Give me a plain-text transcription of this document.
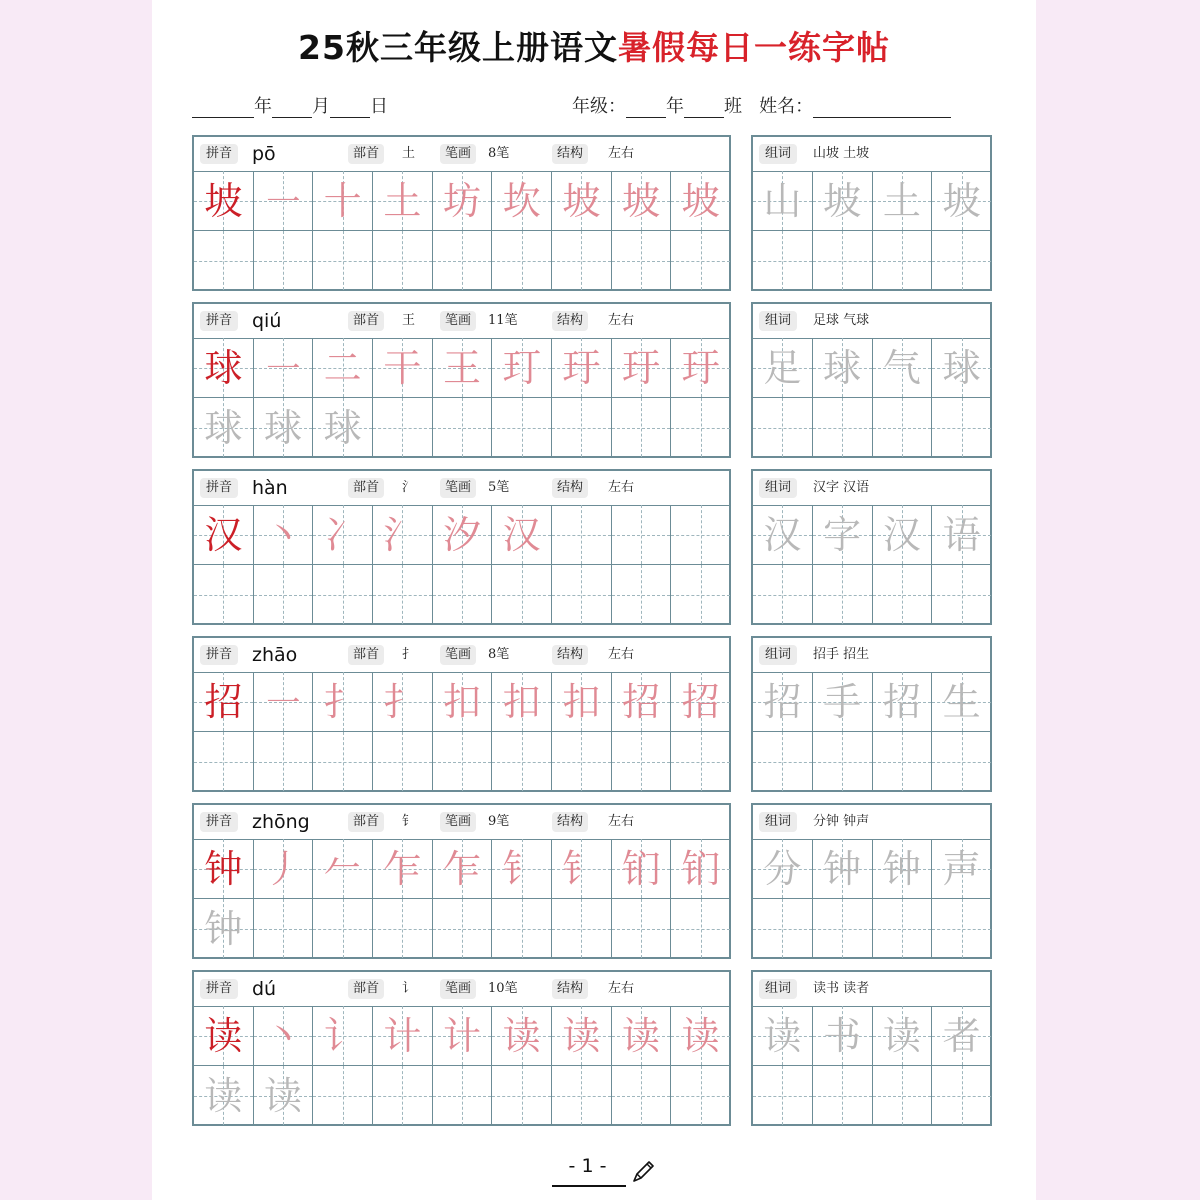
25秋三年级上册语文暑假每日一练字帖
年 月 日	年级： 年 班 姓名：
拼音	pō	部首	土	笔画	8笔	结构	左右
坡 ㇐ 十 土 坊 坎 坡 坡 坡
组词	山坡 土坡
山 坡 土 坡
拼音	qiú	部首	王	笔画	11笔	结构	左右
球 ㇐ 二 干 王 玎 玗 玗 玗
球 球 球
组词	足球 气球
足 球 气 球
拼音	hàn	部首	氵	笔画	5笔	结构	左右
汉 丶 冫 氵 汐 汉
组词	汉字 汉语
汉 字 汉 语
拼音	zhāo	部首	扌	笔画	8笔	结构	左右
招 ㇐ 扌 扌 扣 扣 扣 招 招
组词	招手 招生
招 手 招 生
拼音	zhōng	部首	钅	笔画	9笔	结构	左右
钟 丿 𠂉 乍 乍 钅 钅 钔 钔
钟
组词	分钟 钟声
分 钟 钟 声
拼音	dú	部首	讠	笔画	10笔	结构	左右
读 丶 讠 计 计 读 读 读 读
读 读
组词	读书 读者
读 书 读 者
- 1 -
